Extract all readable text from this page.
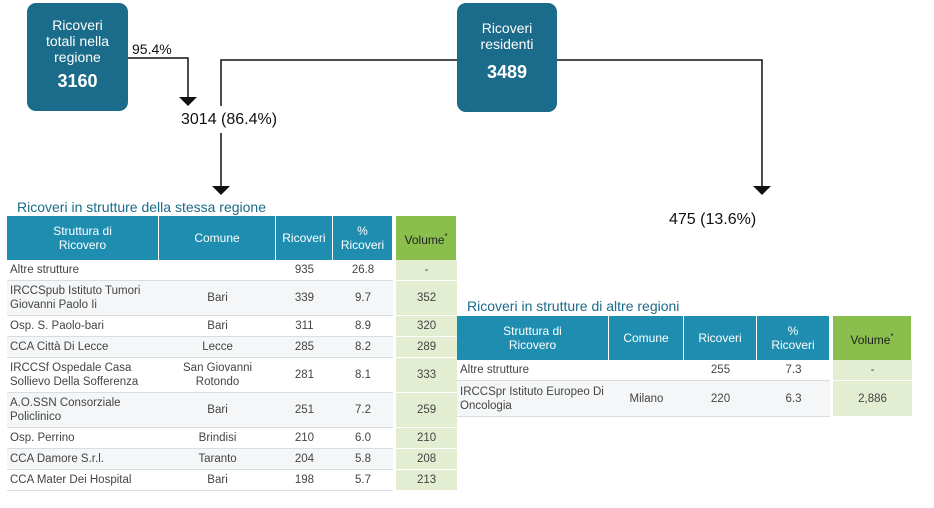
Ricoveri totali nella regione
3160
Ricoveri residenti
3489
95.4%
3014 (86.4%)
475 (13.6%)
Ricoveri in strutture della stessa regione
Struttura di Ricovero	Comune	Ricoveri	% Ricoveri	Volume*
Altre strutture		935	26.8	-
IRCCSpub Istituto Tumori Giovanni Paolo Ii	Bari	339	9.7	352
Osp. S. Paolo-bari	Bari	311	8.9	320
CCA Città Di Lecce	Lecce	285	8.2	289
IRCCSf Ospedale Casa Sollievo Della Sofferenza	San Giovanni Rotondo	281	8.1	333
A.O.SSN Consorziale Policlinico	Bari	251	7.2	259
Osp. Perrino	Brindisi	210	6.0	210
CCA Damore S.r.l.	Taranto	204	5.8	208
CCA Mater Dei Hospital	Bari	198	5.7	213
Ricoveri in strutture di altre regioni
Struttura di Ricovero	Comune	Ricoveri	% Ricoveri	Volume*
Altre strutture		255	7.3	-
IRCCSpr Istituto Europeo Di Oncologia	Milano	220	6.3	2,886
